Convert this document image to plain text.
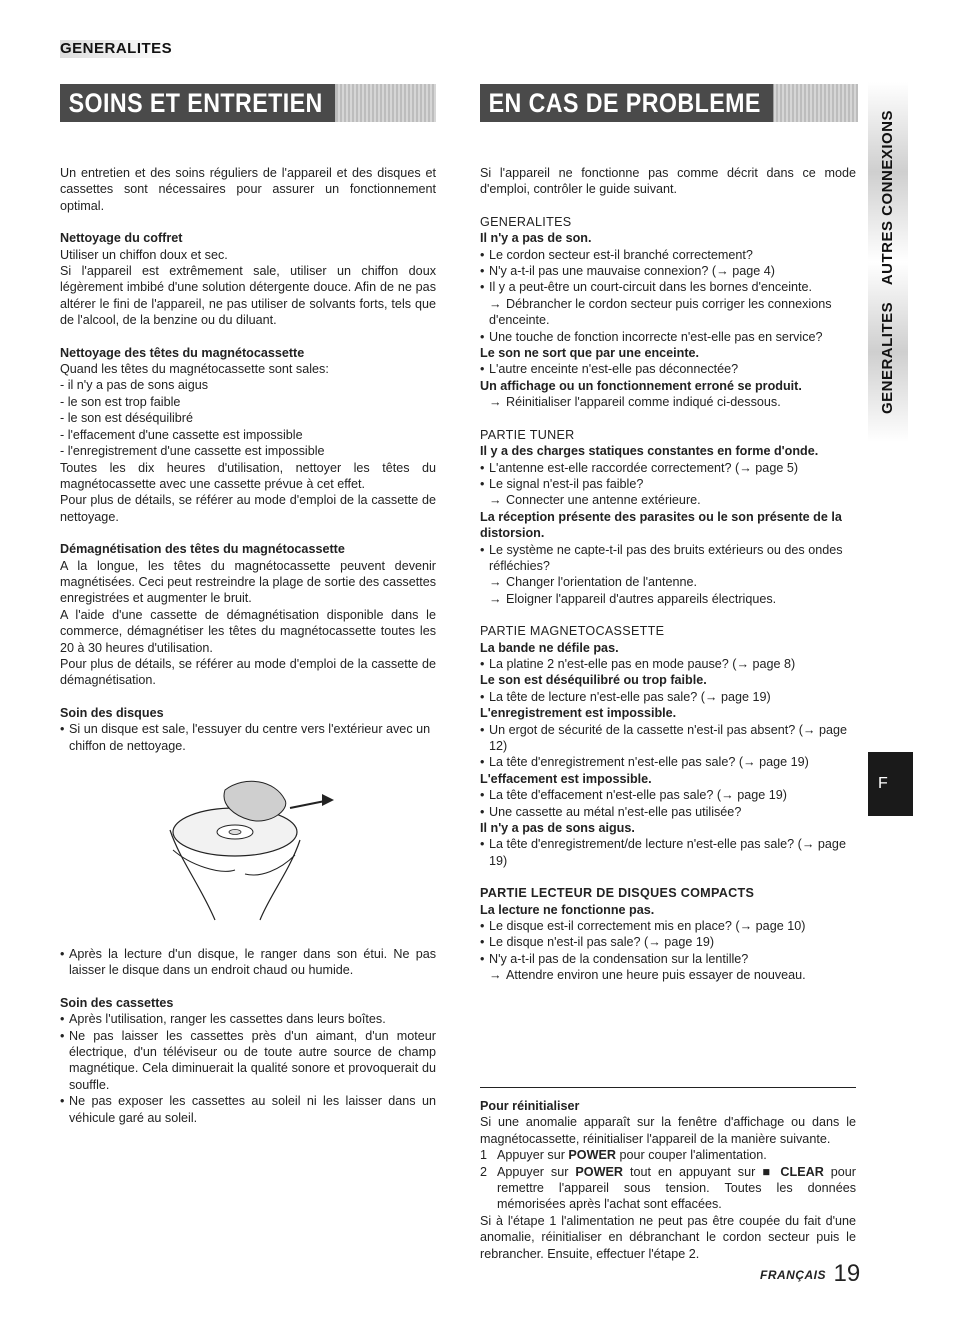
GENERALITES
SOINS ET ENTRETIEN	EN CAS DE PROBLEME
GENERALITES AUTRES CONNEXIONS
F

Un entretien et des soins réguliers de l'appareil et des disques et cassettes sont nécessaires pour assurer un fonctionnement optimal.

Nettoyage du coffret

Utiliser un chiffon doux et sec.

Si l'appareil est extrêmement sale, utiliser un chiffon doux légèrement imbibé d'une solution détergente douce. Afin de ne pas altérer le fini de l'appareil, ne pas utiliser de solvants forts, tels que de l'alcool, de la benzine ou du diluant.

Nettoyage des têtes du magnétocassette

Quand les têtes du magnétocassette sont sales:

- il n'y a pas de sons aigus

- le son est trop faible

- le son est déséquilibré

- l'effacement d'une cassette est impossible

- l'enregistrement d'une cassette est impossible

Toutes les dix heures d'utilisation, nettoyer les têtes du magnétocassette avec une cassette prévue à cet effet.

Pour plus de détails, se référer au mode d'emploi de la cassette de nettoyage.

Démagnétisation des têtes du magnétocassette

A la longue, les têtes du magnétocassette peuvent devenir magnétisées. Ceci peut restreindre la plage de sortie des cassettes enregistrées et augmenter le bruit.

A l'aide d'une cassette de démagnétisation disponible dans le commerce, démagnétiser les têtes du magnétocassette toutes les 20 à 30 heures d'utilisation.

Pour plus de détails, se référer au mode d'emploi de la cassette de démagnétisation.

Soin des disques

• Si un disque est sale, l'essuyer du centre vers l'extérieur avec un chiffon de nettoyage.
• Après la lecture d'un disque, le ranger dans son étui. Ne pas laisser le disque dans un endroit chaud ou humide.

Soin des cassettes

• Après l'utilisation, ranger les cassettes dans leurs boîtes.
• Ne pas laisser les cassettes près d'un aimant, d'un moteur électrique, d'un téléviseur ou de toute autre source de champ magnétique. Cela diminuerait la qualité sonore et provoquerait du souffle.
• Ne pas exposer les cassettes au soleil ni les laisser dans un véhicule garé au soleil.

Si l'appareil ne fonctionne pas comme décrit dans ce mode d'emploi, contrôler le guide suivant.

GENERALITES

Il n'y a pas de son.

• Le cordon secteur est-il branché correctement?
• N'y a-t-il pas une mauvaise connexion? (→ page 4)
• Il y a peut-être un court-circuit dans les bornes d'enceinte.

→ Débrancher le cordon secteur puis corriger les connexions d'enceinte.

• Une touche de fonction incorrecte n'est-elle pas en service?

Le son ne sort que par une enceinte.

• L'autre enceinte n'est-elle pas déconnectée?

Un affichage ou un fonctionnement erroné se produit.

→ Réinitialiser l'appareil comme indiqué ci-dessous.

PARTIE TUNER

Il y a des charges statiques constantes en forme d'onde.

• L'antenne est-elle raccordée correctement? (→ page 5)
• Le signal n'est-il pas faible?

→ Connecter une antenne extérieure.

La réception présente des parasites ou le son présente de la distorsion.

• Le système ne capte-t-il pas des bruits extérieurs ou des ondes réfléchies?

→ Changer l'orientation de l'antenne.

→ Eloigner l'appareil d'autres appareils électriques.

PARTIE MAGNETOCASSETTE

La bande ne défile pas.

• La platine 2 n'est-elle pas en mode pause? (→ page 8)

Le son est déséquilibré ou trop faible.

• La tête de lecture n'est-elle pas sale? (→ page 19)

L'enregistrement est impossible.

• Un ergot de sécurité de la cassette n'est-il pas absent? (→ page 12)
• La tête d'enregistrement n'est-elle pas sale? (→ page 19)

L'effacement est impossible.

• La tête d'effacement n'est-elle pas sale? (→ page 19)
• Une cassette au métal n'est-elle pas utilisée?

Il n'y a pas de sons aigus.

• La tête d'enregistrement/de lecture n'est-elle pas sale? (→ page 19)

PARTIE LECTEUR DE DISQUES COMPACTS

La lecture ne fonctionne pas.

• Le disque est-il correctement mis en place? (→ page 10)
• Le disque n'est-il pas sale? (→ page 19)
• N'y a-t-il pas de la condensation sur la lentille?

→ Attendre environ une heure puis essayer de nouveau.

Pour réinitialiser

Si une anomalie apparaît sur la fenêtre d'affichage ou dans le magnétocassette, réinitialiser l'appareil de la manière suivante.

1 Appuyer sur POWER pour couper l'alimentation.

2 Appuyer sur POWER tout en appuyant sur ■ CLEAR pour remettre l'appareil sous tension. Toutes les données mémorisées après l'achat sont effacées.

Si à l'étape 1 l'alimentation ne peut pas être coupée du fait d'une anomalie, réinitialiser en débranchant le cordon secteur puis le rebrancher. Ensuite, effectuer l'étape 2.

FRANÇAIS 19
